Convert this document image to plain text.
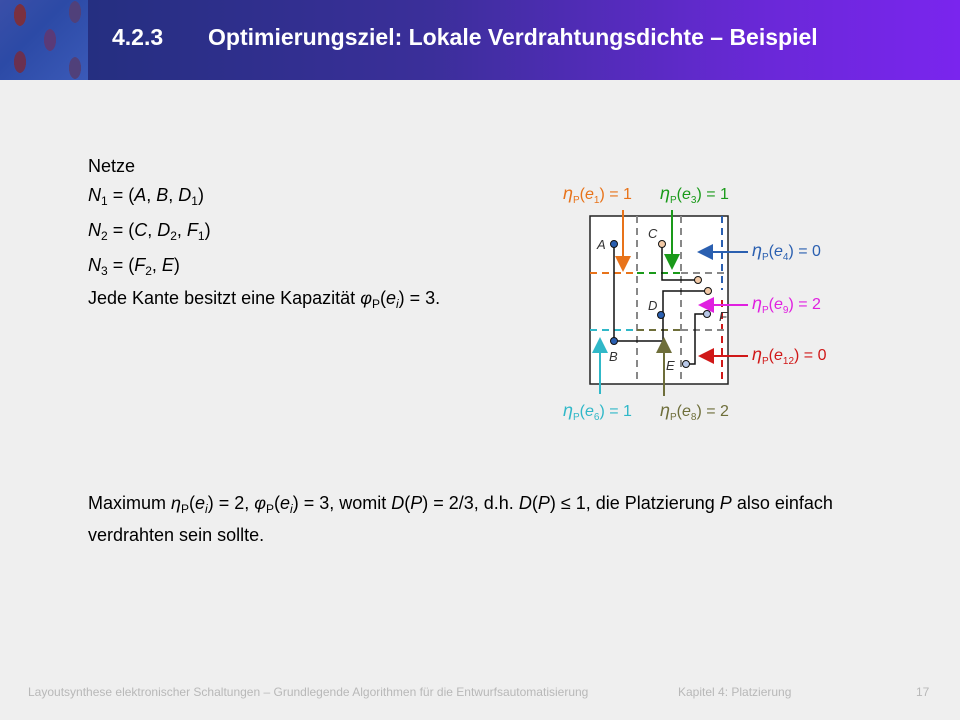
4.2.3 Optimierungsziel: Lokale Verdrahtungsdichte – Beispiel
Netze
$N_1 = (A$, B, $D_1$)
$N_2 = (C$, $D_2$, $F_1$)
$N_3 = (F_2$, E)
Jede Kante besitzt eine Kapazität $\varphi_P(e_i) = 3$.
A
B
C
D
E
F
$\eta_P(e_1) = 1$ $\eta_P(e_3) = 1$
$\eta_P(e_4) = 0$
$\eta_P(e_9) = 2$
$\eta_P(e_{12}) = 0$
$\eta_P(e_6) = 1$ $\eta_P(e_8) = 2$
Maximum $\eta_P(e_i) = 2$, $\varphi_P(e_i) = 3$, womit D(P) = 2/3, d.h. D(P) ≤ 1, die Platzierung P also einfach verdrahten sein sollte.
Layoutsynthese elektronischer Schaltungen – Grundlegende Algorithmen für die Entwurfsautomatisierung	Kapitel 4: Platzierung	17
